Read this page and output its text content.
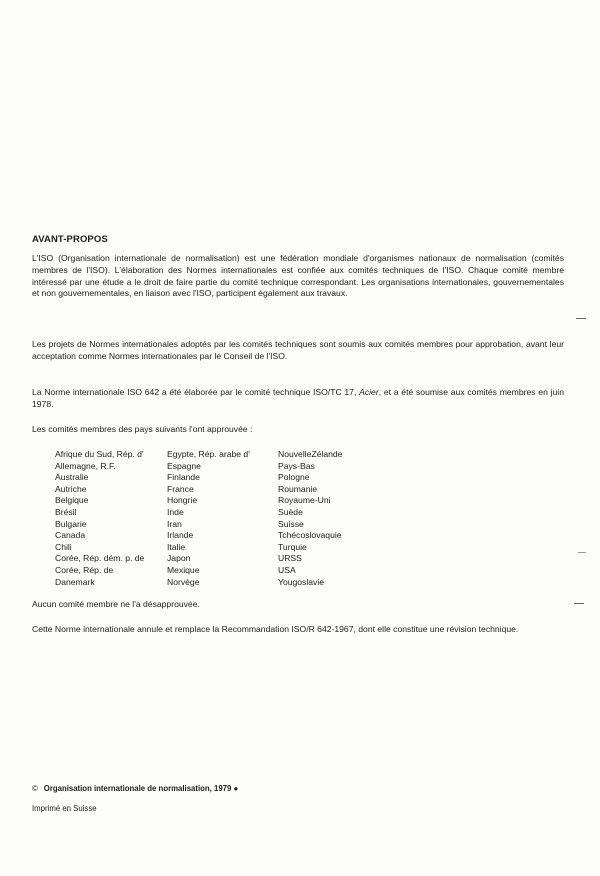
AVANT-PROPOS

L'ISO (Organisation internationale de normalisation) est une fédération mondiale d'organismes nationaux de normalisation (comités membres de l'ISO). L'élaboration des Normes internationales est confiée aux comités techniques de l'ISO. Chaque comité membre intéressé par une étude a le droit de faire partie du comité technique correspondant. Les organisations internationales, gouvernementales et non gouvernementales, en liaison avec l'ISO, participent également aux travaux.

Les projets de Normes internationales adoptés par les comités techniques sont soumis aux comités membres pour approbation, avant leur acceptation comme Normes internationales par le Conseil de l'ISO.

La Norme internationale ISO 642 a été élaborée par le comité technique ISO/TC 17, Acier, et a été soumise aux comités membres en juin 1978.

Les comités membres des pays suivants l'ont approuvée :

Afrique du Sud, Rép. d'
Allemagne, R.F.
Australie
Autriche
Belgique
Brésil
Bulgarie
Canada
Chili
Corée, Rép. dém. p. de
Corée, Rép. de
Danemark
Egypte, Rép. arabe d'
Espagne
Finlande
France
Hongrie
Inde
Iran
Irlande
Italie
Japon
Mexique
Norvège
NouvelleZélande
Pays-Bas
Pologne
Roumanie
Royaume-Uni
Suède
Suisse
Tchécoslovaquie
Turquie
URSS
USA
Yougoslavie

Aucun comité membre ne l'a désapprouvée.

Cette Norme internationale annule et remplace la Recommandation ISO/R 642-1967, dont elle constitue une révision technique.

© Organisation internationale de normalisation, 1979 ●
Imprimé en Suisse
